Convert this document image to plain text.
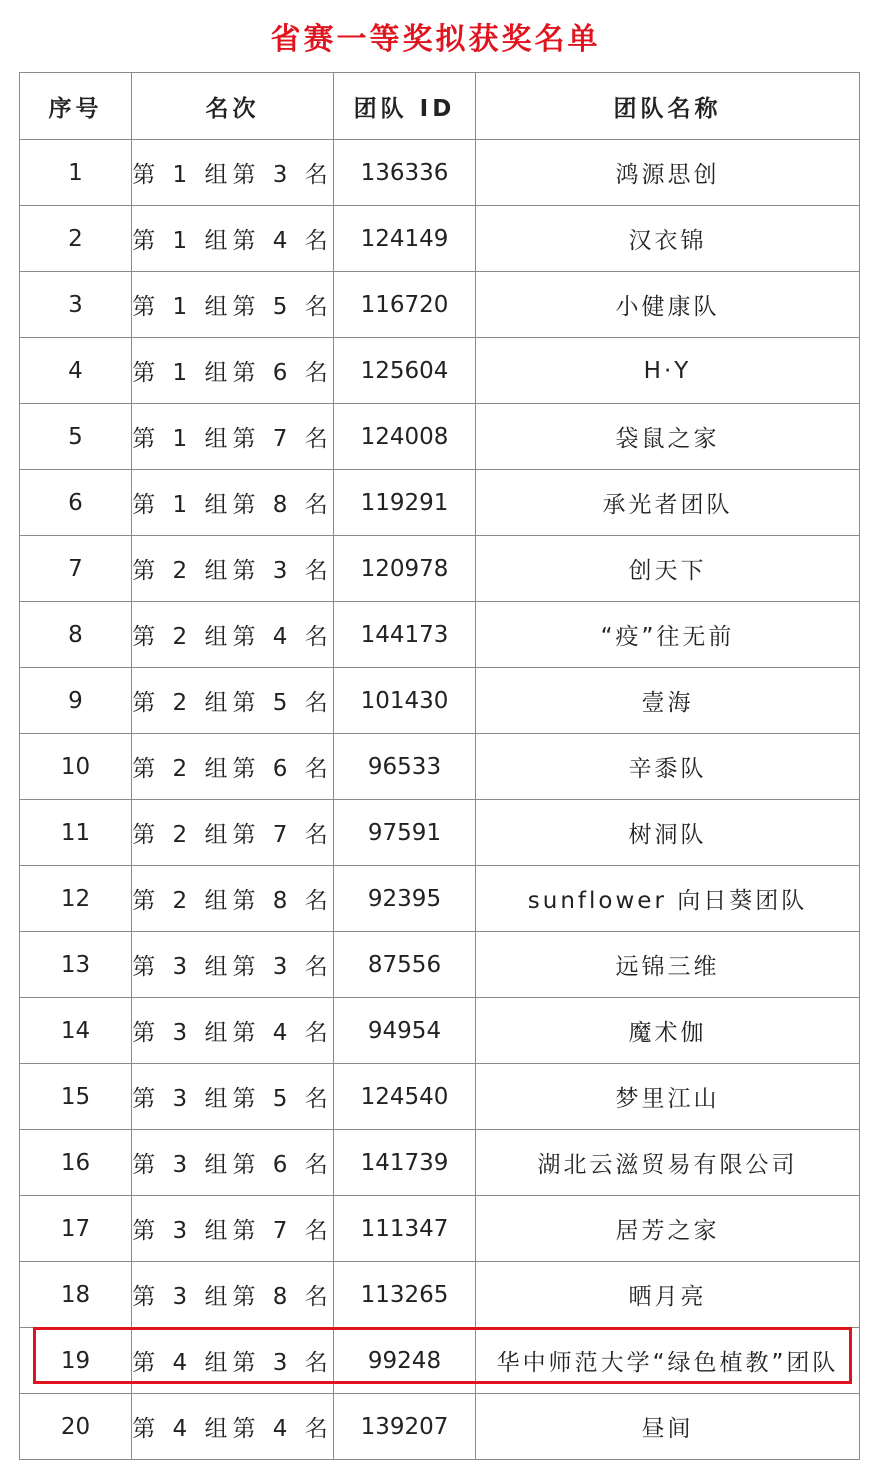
省赛一等奖拟获奖名单
序号	名次	团队 ID	团队名称
1	第 1 组第 3 名	136336	鸿源思创
2	第 1 组第 4 名	124149	汉衣锦
3	第 1 组第 5 名	116720	小健康队
4	第 1 组第 6 名	125604	H·Y
5	第 1 组第 7 名	124008	袋鼠之家
6	第 1 组第 8 名	119291	承光者团队
7	第 2 组第 3 名	120978	创天下
8	第 2 组第 4 名	144173	“疫”往无前
9	第 2 组第 5 名	101430	壹海
10	第 2 组第 6 名	96533	辛黍队
11	第 2 组第 7 名	97591	树洞队
12	第 2 组第 8 名	92395	sunflower 向日葵团队
13	第 3 组第 3 名	87556	远锦三维
14	第 3 组第 4 名	94954	魔术伽
15	第 3 组第 5 名	124540	梦里江山
16	第 3 组第 6 名	141739	湖北云滋贸易有限公司
17	第 3 组第 7 名	111347	居芳之家
18	第 3 组第 8 名	113265	晒月亮
19	第 4 组第 3 名	99248	华中师范大学“绿色植教”团队
20	第 4 组第 4 名	139207	昼间
